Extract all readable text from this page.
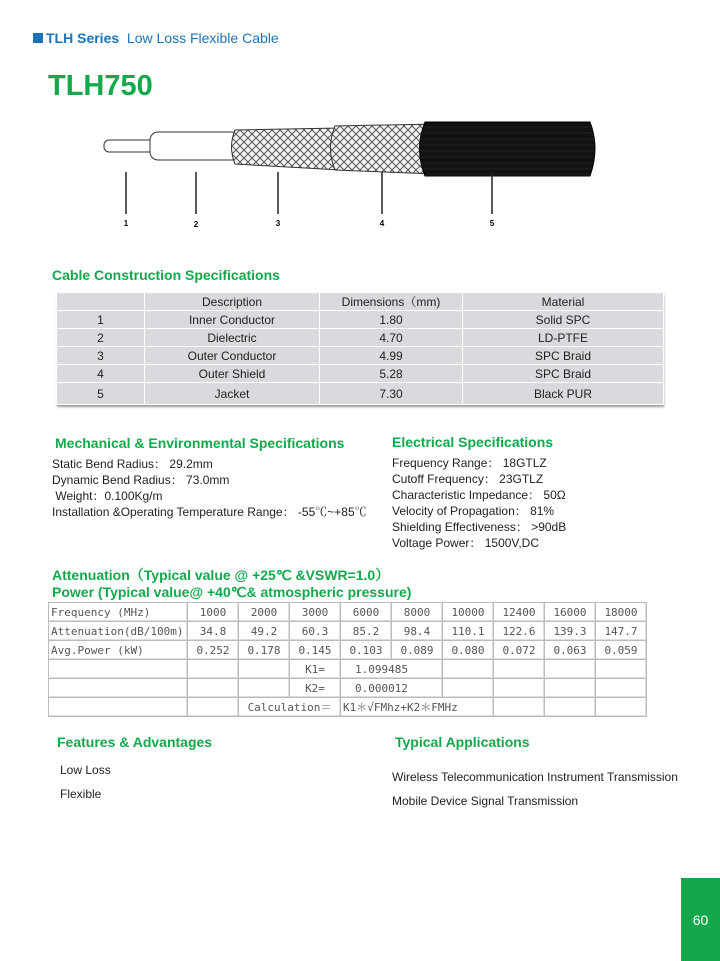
TLH Series Low Loss Flexible Cable
TLH750
1	2	3	4	5
Cable Construction Specifications
	Description	Dimensions（mm)	Material
1	Inner Conductor	1.80	Solid SPC
2	Dielectric	4.70	LD-PTFE
3	Outer Conductor	4.99	SPC Braid
4	Outer Shield	5.28	SPC Braid
5	Jacket	7.30	Black PUR
Mechanical & Environmental Specifications
Static Bend Radius： 29.2mm
Dynamic Bend Radius： 73.0mm
Weight：0.100Kg/m
Installation &Operating Temperature Range： -55℃~+85℃
Electrical Specifications
Frequency Range： 18GTLZ
Cutoff Frequency： 23GTLZ
Characteristic Impedance： 50Ω
Velocity of Propagation： 81%
Shielding Effectiveness： >90dB
Voltage Power： 1500V,DC
Attenuation（Typical value @ +25℃ &VSWR=1.0）
Power (Typical value@ +40℃& atmospheric pressure)
Frequency (MHz)	1000	2000	3000	6000	8000	10000	12400	16000	18000
Attenuation(dB/100m)	34.8	49.2	60.3	85.2	98.4	110.1	122.6	139.3	147.7
Avg.Power (kW)	0.252	0.178	0.145	0.103	0.089	0.080	0.072	0.063	0.059
			K1=	1.099485					
			K2=	0.000012					
		Calculation＝		K1＊√FMhz+K2＊FMHz					
Features & Advantages
Low Loss
Flexible
Typical Applications
Wireless Telecommunication Instrument Transmission
Mobile Device Signal Transmission
60
